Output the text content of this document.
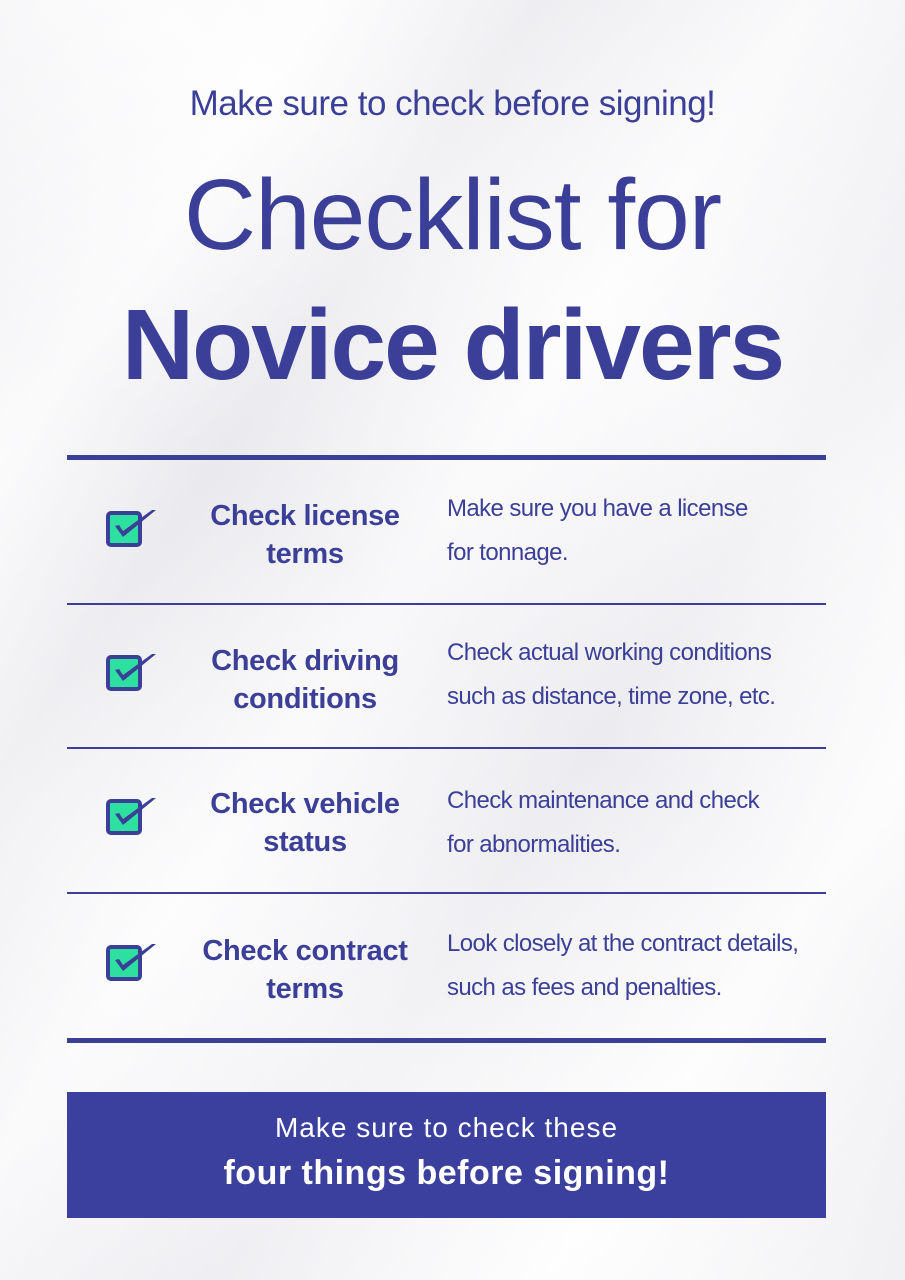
Make sure to check before signing!
Checklist for
Novice drivers
Check license
terms
Make sure you have a license
for tonnage.
Check driving
conditions
Check actual working conditions
such as distance, time zone, etc.
Check vehicle
status
Check maintenance and check
for abnormalities.
Check contract
terms
Look closely at the contract details,
such as fees and penalties.
Make sure to check these
four things before signing!
